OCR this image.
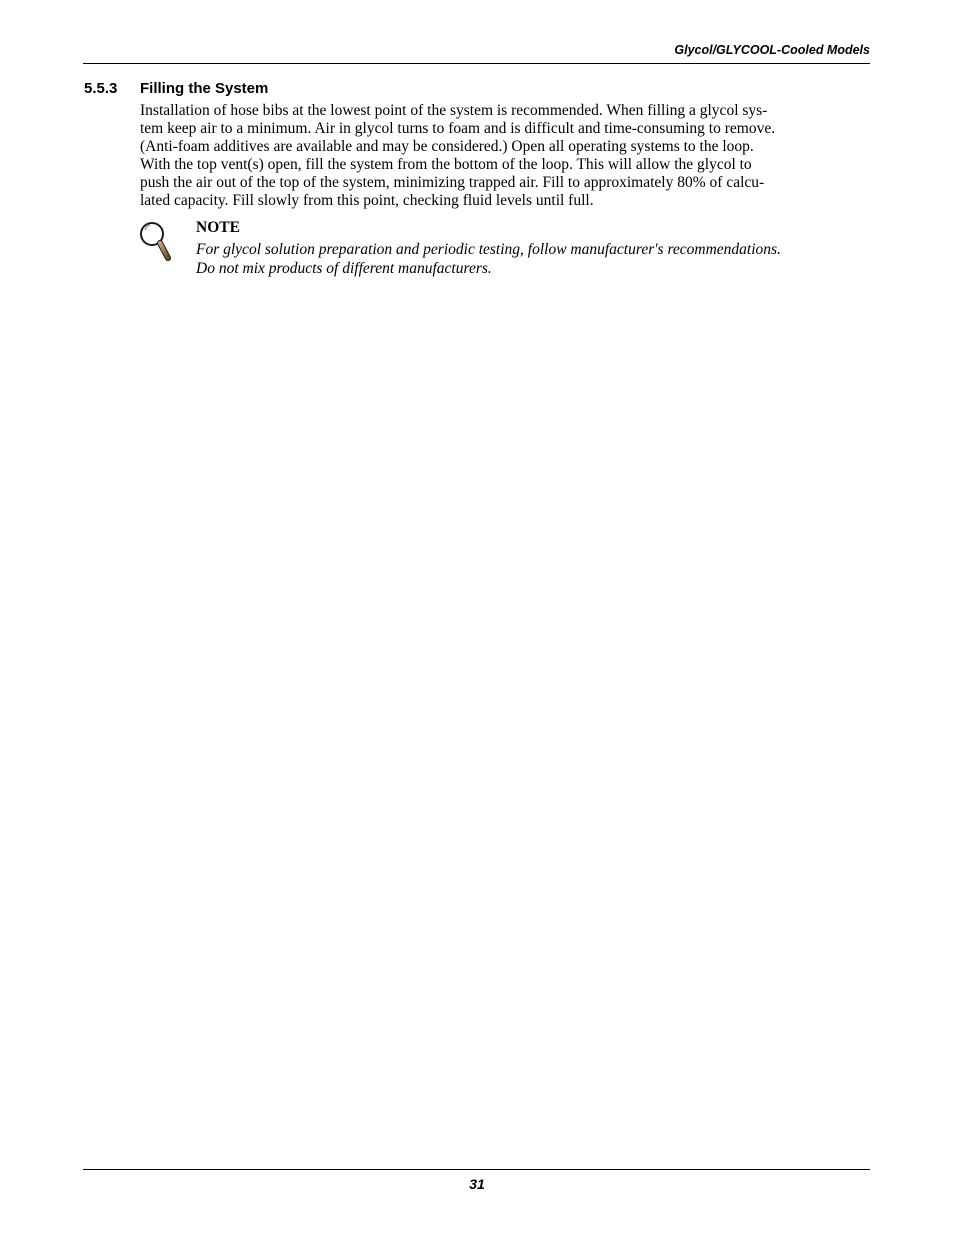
Glycol/GLYCOOL-Cooled Models
5.5.3 Filling the System
Installation of hose bibs at the lowest point of the system is recommended. When filling a glycol sys-
tem keep air to a minimum. Air in glycol turns to foam and is difficult and time-consuming to remove.
(Anti-foam additives are available and may be considered.) Open all operating systems to the loop.
With the top vent(s) open, fill the system from the bottom of the loop. This will allow the glycol to
push the air out of the top of the system, minimizing trapped air. Fill to approximately 80% of calcu-
lated capacity. Fill slowly from this point, checking fluid levels until full.
NOTE
For glycol solution preparation and periodic testing, follow manufacturer's recommendations.
Do not mix products of different manufacturers.
31
